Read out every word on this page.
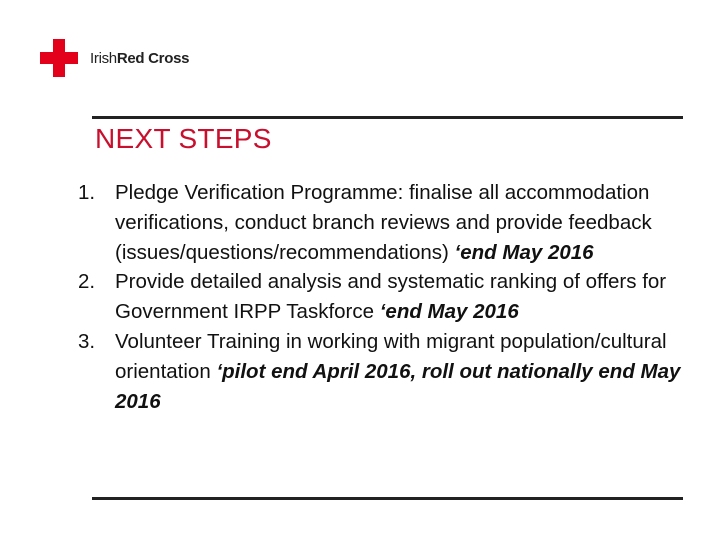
IrishRed Cross
NEXT STEPS
1. Pledge Verification Programme: finalise all accommodation verifications, conduct branch reviews and provide feedback (issues/questions/recommendations) ‘end May 2016
2. Provide detailed analysis and systematic ranking of offers for Government IRPP Taskforce ‘end May 2016
3. Volunteer Training in working with migrant population/cultural orientation ‘pilot end April 2016, roll out nationally end May 2016
